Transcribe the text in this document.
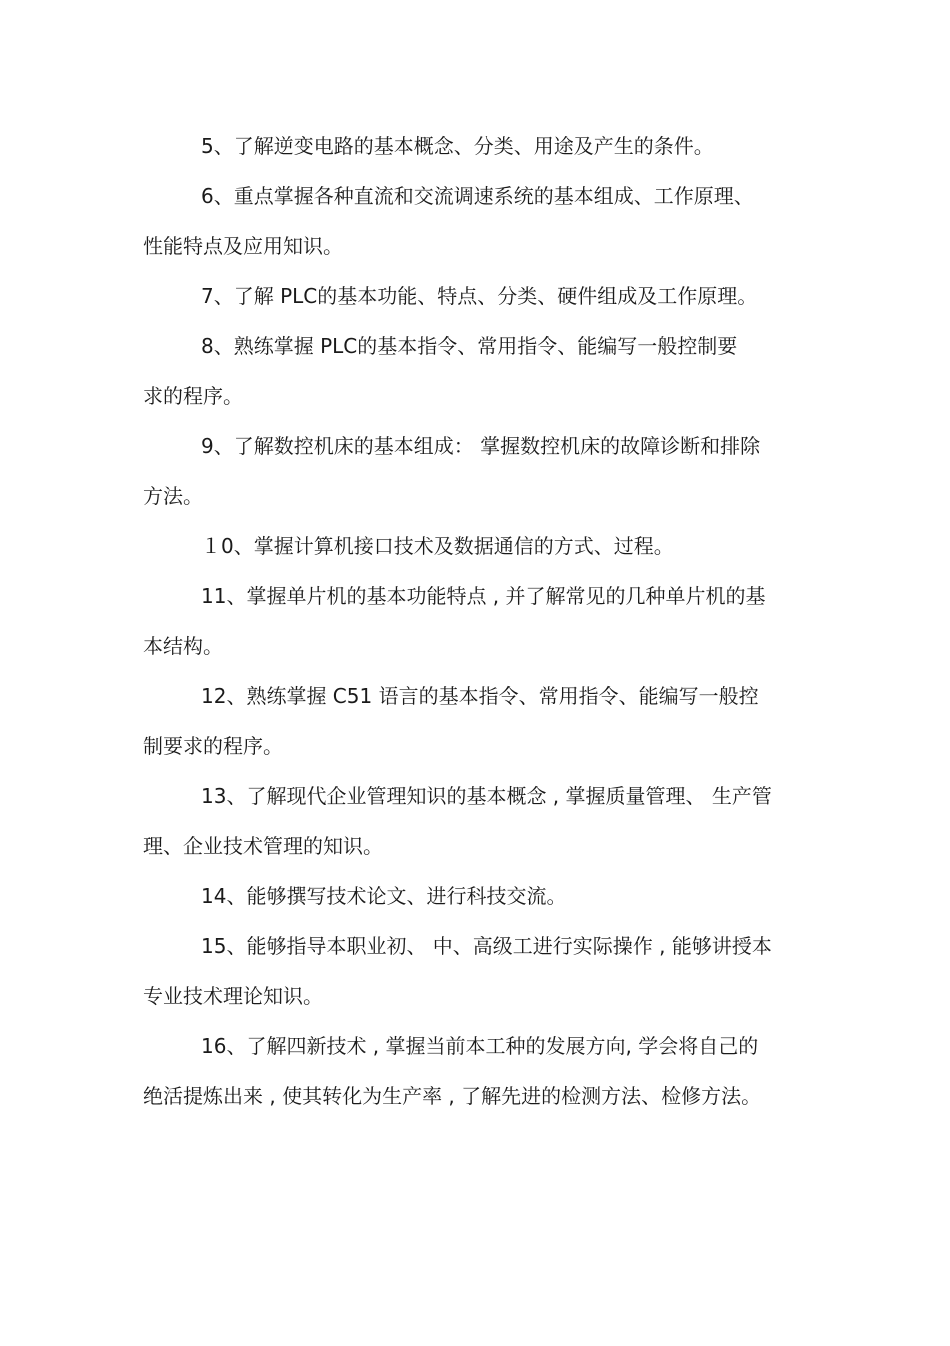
5、了解逆变电路的基本概念、分类、用途及产生的条件。
6、重点掌握各种直流和交流调速系统的基本组成、工作原理、
性能特点及应用知识。
7、了解 PLC的基本功能、特点、分类、硬件组成及工作原理。
8、熟练掌握 PLC的基本指令、常用指令、能编写一般控制要
求的程序。
9、了解数控机床的基本组成： 掌握数控机床的故障诊断和排除
方法。
１0、掌握计算机接口技术及数据通信的方式、过程。
11、掌握单片机的基本功能特点 , 并了解常见的几种单片机的基
本结构。
12、熟练掌握 C51 语言的基本指令、常用指令、能编写一般控
制要求的程序。
13、了解现代企业管理知识的基本概念 , 掌握质量管理、 生产管
理、企业技术管理的知识。
14、能够撰写技术论文、进行科技交流。
15、能够指导本职业初、 中、高级工进行实际操作 , 能够讲授本
专业技术理论知识。
16、了解四新技术 , 掌握当前本工种的发展方向, 学会将自己的
绝活提炼出来 , 使其转化为生产率 , 了解先进的检测方法、检修方法。
